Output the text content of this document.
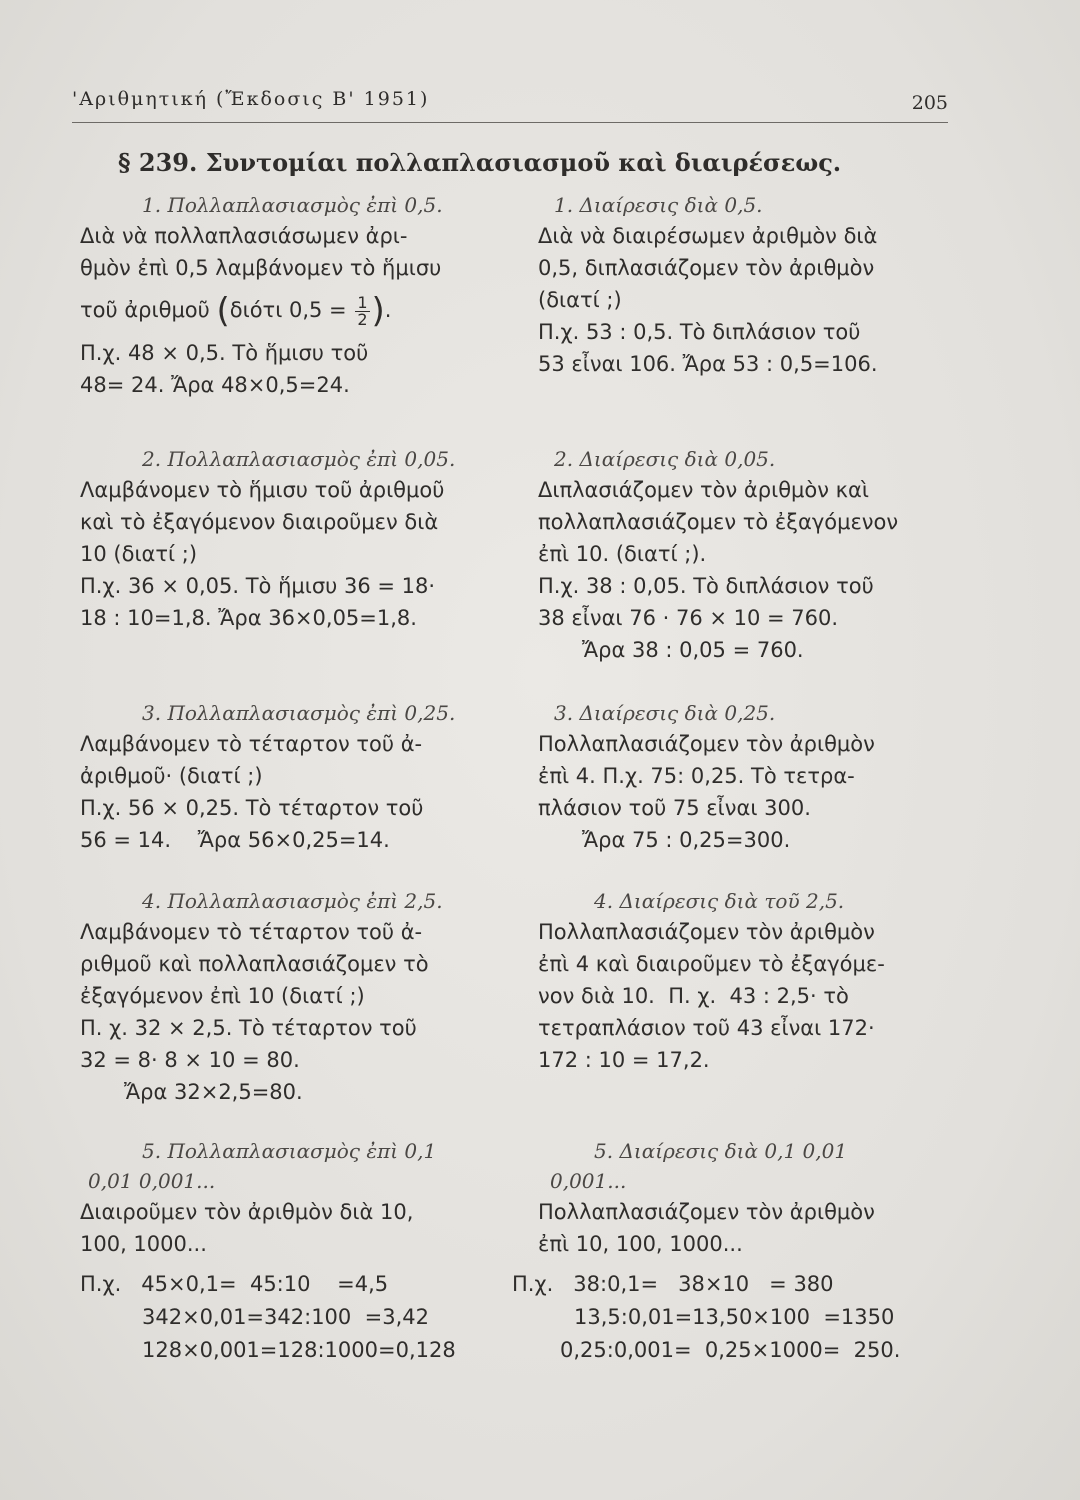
'Αριθμητική (Ἔκδοσις Β' 1951)	205
§ 239. Συντομίαι πολλαπλασιασμοῦ καὶ διαιρέσεως.
1. Πολλαπλασιασμὸς ἐπὶ 0,5.

Διὰ νὰ πολλαπλασιάσωμεν ἀρι-

θμὸν ἐπὶ 0,5 λαμβάνομεν τὸ ἥμισυ

τοῦ ἀριθμοῦ (διότι $0,5 = \frac{1}{2}$ ).

Π.χ. 48 × 0,5. Τὸ ἥμισυ τοῦ

48= 24. Ἄρα 48×0,5=24.

2. Πολλαπλασιασμὸς ἐπὶ 0,05.

Λαμβάνομεν τὸ ἥμισυ τοῦ ἀριθμοῦ

καὶ τὸ ἐξαγόμενον διαιροῦμεν διὰ

10 (διατί ;)

Π.χ. 36 × 0,05. Τὸ ἥμισυ 36 = 18·

18 : 10=1,8. Ἄρα 36×0,05=1,8.

3. Πολλαπλασιασμὸς ἐπὶ 0,25.

Λαμβάνομεν τὸ τέταρτον τοῦ ἀ-

ἀριθμοῦ· (διατί ;)

Π.χ. 56 × 0,25. Τὸ τέταρτον τοῦ

56 = 14.    Ἄρα 56×0,25=14.

4. Πολλαπλασιασμὸς ἐπὶ 2,5.

Λαμβάνομεν τὸ τέταρτον τοῦ ἀ-

ριθμοῦ καὶ πολλαπλασιάζομεν τὸ

ἐξαγόμενον ἐπὶ 10 (διατί ;)

Π. χ. 32 × 2,5. Τὸ τέταρτον τοῦ

32 = 8· 8 × 10 = 80.

Ἄρα 32×2,5=80.

5. Πολλαπλασιασμὸς ἐπὶ 0,1
0,01 0,001...

Διαιροῦμεν τὸν ἀριθμὸν διὰ 10,

100, 1000...

1. Διαίρεσις διὰ 0,5.

Διὰ νὰ διαιρέσωμεν ἀριθμὸν διὰ

0,5, διπλασιάζομεν τὸν ἀριθμὸν

(διατί ;)

Π.χ. 53 : 0,5. Τὸ διπλάσιον τοῦ

53 εἶναι 106. Ἄρα 53 : 0,5=106.

2. Διαίρεσις διὰ 0,05.

Διπλασιάζομεν τὸν ἀριθμὸν καὶ

πολλαπλασιάζομεν τὸ ἐξαγόμενον

ἐπὶ 10. (διατί ;).

Π.χ. 38 : 0,05. Τὸ διπλάσιον τοῦ

38 εἶναι 76 · 76 × 10 = 760.

Ἄρα 38 : 0,05 = 760.

3. Διαίρεσις διὰ 0,25.

Πολλαπλασιάζομεν τὸν ἀριθμὸν

ἐπὶ 4. Π.χ. 75: 0,25. Τὸ τετρα-

πλάσιον τοῦ 75 εἶναι 300.

Ἄρα 75 : 0,25=300.

4. Διαίρεσις διὰ τοῦ 2,5.

Πολλαπλασιάζομεν τὸν ἀριθμὸν

ἐπὶ 4 καὶ διαιροῦμεν τὸ ἐξαγόμε-

νον διὰ 10.  Π. χ.  43 : 2,5· τὸ

τετραπλάσιον τοῦ 43 εἶναι 172·

172 : 10 = 17,2.

5. Διαίρεσις διὰ 0,1 0,01
0,001...

Πολλαπλασιάζομεν τὸν ἀριθμὸν

ἐπὶ 10, 100, 1000...

Π.χ.   45×0,1=  45:10    =4,5
342×0,01=342:100  =3,42
128×0,001=128:1000=0,128
Π.χ.   38:0,1=   38×10   = 380
13,5:0,01=13,50×100  =1350
0,25:0,001=  0,25×1000=  250.
